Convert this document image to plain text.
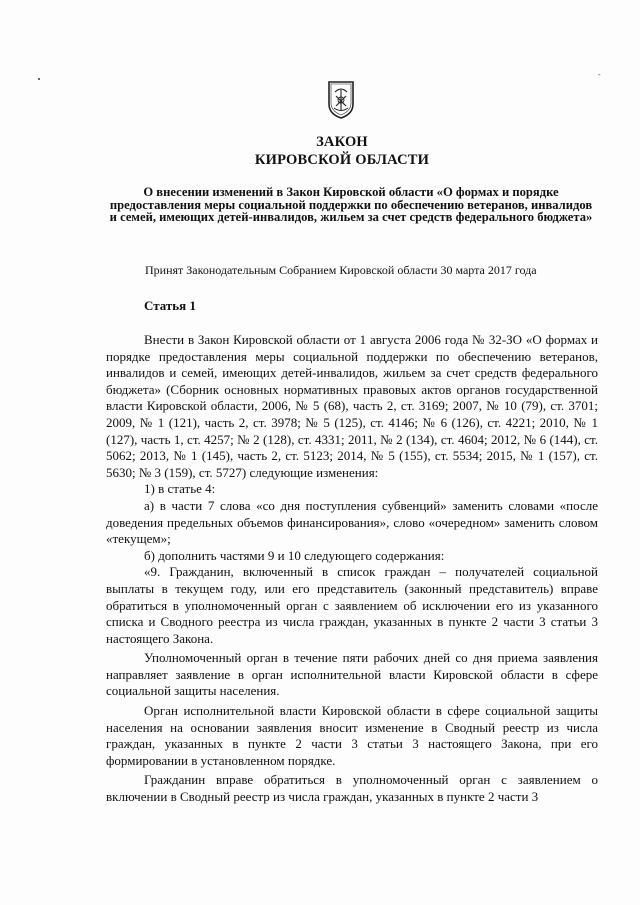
-
ЗАКОН
КИРОВСКОЙ ОБЛАСТИ
О внесении изменений в Закон Кировской области «О формах и порядке предоставления меры социальной поддержки по обеспечению ветеранов, инвалидов и семей, имеющих детей-инвалидов, жильем за счет средств федерального бюджета»
Принят Законодательным Собранием Кировской области 30 марта 2017 года
Статья 1

Внести в Закон Кировской области от 1 августа 2006 года № 32-ЗО «О формах и порядке предоставления меры социальной поддержки по обеспечению ветеранов, инвалидов и семей, имеющих детей-инвалидов, жильем за счет средств федерального бюджета» (Сборник основных нормативных правовых актов органов государственной власти Кировской области, 2006, № 5 (68), часть 2, ст. 3169; 2007, № 10 (79), ст. 3701; 2009, № 1 (121), часть 2, ст. 3978; № 5 (125), ст. 4146; № 6 (126), ст. 4221; 2010, № 1 (127), часть 1, ст. 4257; № 2 (128), ст. 4331; 2011, № 2 (134), ст. 4604; 2012, № 6 (144), ст. 5062; 2013, № 1 (145), часть 2, ст. 5123; 2014, № 5 (155), ст. 5534; 2015, № 1 (157), ст. 5630; № 3 (159), ст. 5727) следующие изменения:

1) в статье 4:

а) в части 7 слова «со дня поступления субвенций» заменить словами «после доведения предельных объемов финансирования», слово «очередном» заменить словом «текущем»;

б) дополнить частями 9 и 10 следующего содержания:

«9. Гражданин, включенный в список граждан – получателей социальной выплаты в текущем году, или его представитель (законный представитель) вправе обратиться в уполномоченный орган с заявлением об исключении его из указанного списка и Сводного реестра из числа граждан, указанных в пункте 2 части 3 статьи 3 настоящего Закона.

Уполномоченный орган в течение пяти рабочих дней со дня приема заявления направляет заявление в орган исполнительной власти Кировской области в сфере социальной защиты населения.

Орган исполнительной власти Кировской области в сфере социальной защиты населения на основании заявления вносит изменение в Сводный реестр из числа граждан, указанных в пункте 2 части 3 статьи 3 настоящего Закона, при его формировании в установленном порядке.

Гражданин вправе обратиться в уполномоченный орган с заявлением о включении в Сводный реестр из числа граждан, указанных в пункте 2 части 3
